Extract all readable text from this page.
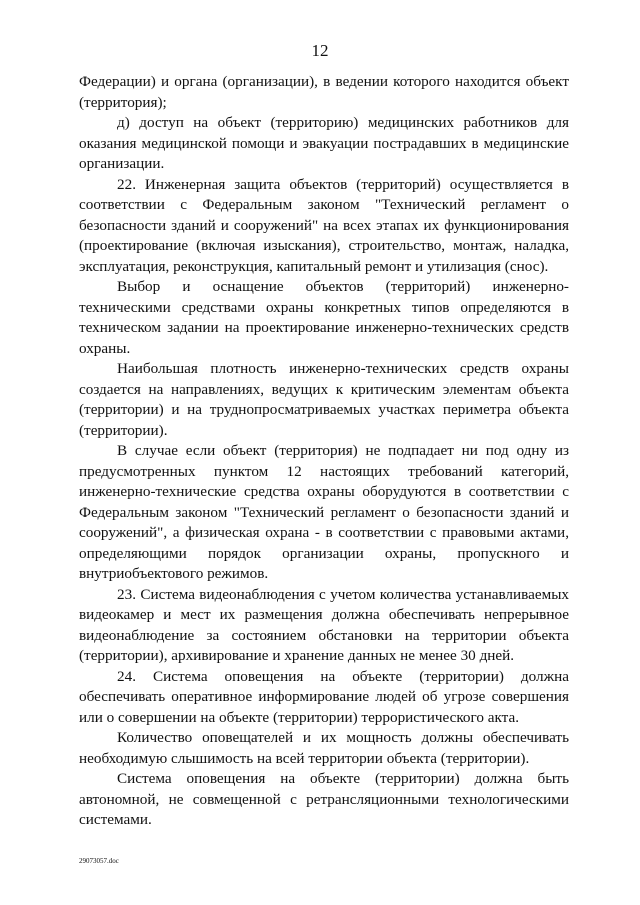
12

Федерации) и органа (организации), в ведении которого находится объект (территория);

д) доступ на объект (территорию) медицинских работников для оказания медицинской помощи и эвакуации пострадавших в медицинские организации.

22. Инженерная защита объектов (территорий) осуществляется в соответствии с Федеральным законом "Технический регламент о безопасности зданий и сооружений" на всех этапах их функционирования (проектирование (включая изыскания), строительство, монтаж, наладка, эксплуатация, реконструкция, капитальный ремонт и утилизация (снос).

Выбор и оснащение объектов (территорий) инженерно-техническими средствами охраны конкретных типов определяются в техническом задании на проектирование инженерно-технических средств охраны.

Наибольшая плотность инженерно-технических средств охраны создается на направлениях, ведущих к критическим элементам объекта (территории) и на труднопросматриваемых участках периметра объекта (территории).

В случае если объект (территория) не подпадает ни под одну из предусмотренных пунктом 12 настоящих требований категорий, инженерно-технические средства охраны оборудуются в соответствии с Федеральным законом "Технический регламент о безопасности зданий и сооружений", а физическая охрана - в соответствии с правовыми актами, определяющими порядок организации охраны, пропускного и внутриобъектового режимов.

23. Система видеонаблюдения с учетом количества устанавливаемых видеокамер и мест их размещения должна обеспечивать непрерывное видеонаблюдение за состоянием обстановки на территории объекта (территории), архивирование и хранение данных не менее 30 дней.

24. Система оповещения на объекте (территории) должна обеспечивать оперативное информирование людей об угрозе совершения или о совершении на объекте (территории) террористического акта.

Количество оповещателей и их мощность должны обеспечивать необходимую слышимость на всей территории объекта (территории).

Система оповещения на объекте (территории) должна быть автономной, не совмещенной с ретрансляционными технологическими системами.

29073057.doc
